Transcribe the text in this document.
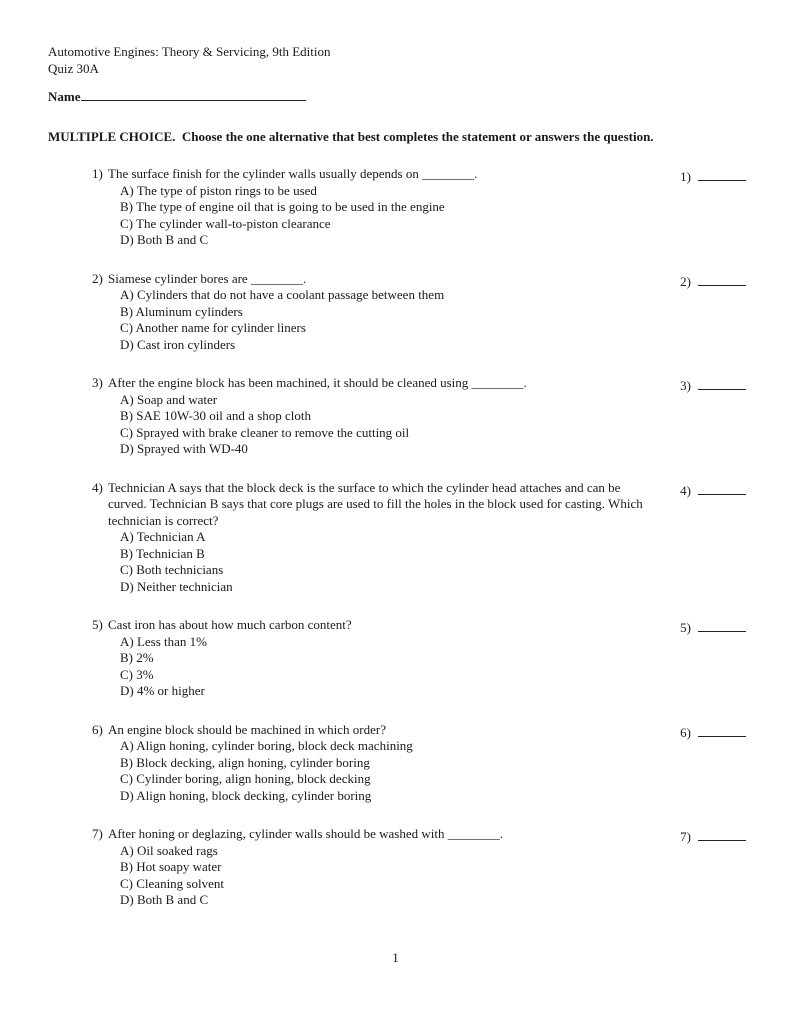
Automotive Engines: Theory & Servicing, 9th Edition
Quiz 30A
Name
MULTIPLE CHOICE.  Choose the one alternative that best completes the statement or answers the question.
1) The surface finish for the cylinder walls usually depends on ________.
A) The type of piston rings to be used
B) The type of engine oil that is going to be used in the engine
C) The cylinder wall-to-piston clearance
D) Both B and C
1)
2) Siamese cylinder bores are ________.
A) Cylinders that do not have a coolant passage between them
B) Aluminum cylinders
C) Another name for cylinder liners
D) Cast iron cylinders
2)
3) After the engine block has been machined, it should be cleaned using ________.
A) Soap and water
B) SAE 10W-30 oil and a shop cloth
C) Sprayed with brake cleaner to remove the cutting oil
D) Sprayed with WD-40
3)
4) Technician A says that the block deck is the surface to which the cylinder head attaches and can be curved. Technician B says that core plugs are used to fill the holes in the block used for casting. Which technician is correct?
A) Technician A
B) Technician B
C) Both technicians
D) Neither technician
4)
5) Cast iron has about how much carbon content?
A) Less than 1%
B) 2%
C) 3%
D) 4% or higher
5)
6) An engine block should be machined in which order?
A) Align honing, cylinder boring, block deck machining
B) Block decking, align honing, cylinder boring
C) Cylinder boring, align honing, block decking
D) Align honing, block decking, cylinder boring
6)
7) After honing or deglazing, cylinder walls should be washed with ________.
A) Oil soaked rags
B) Hot soapy water
C) Cleaning solvent
D) Both B and C
7)
1
